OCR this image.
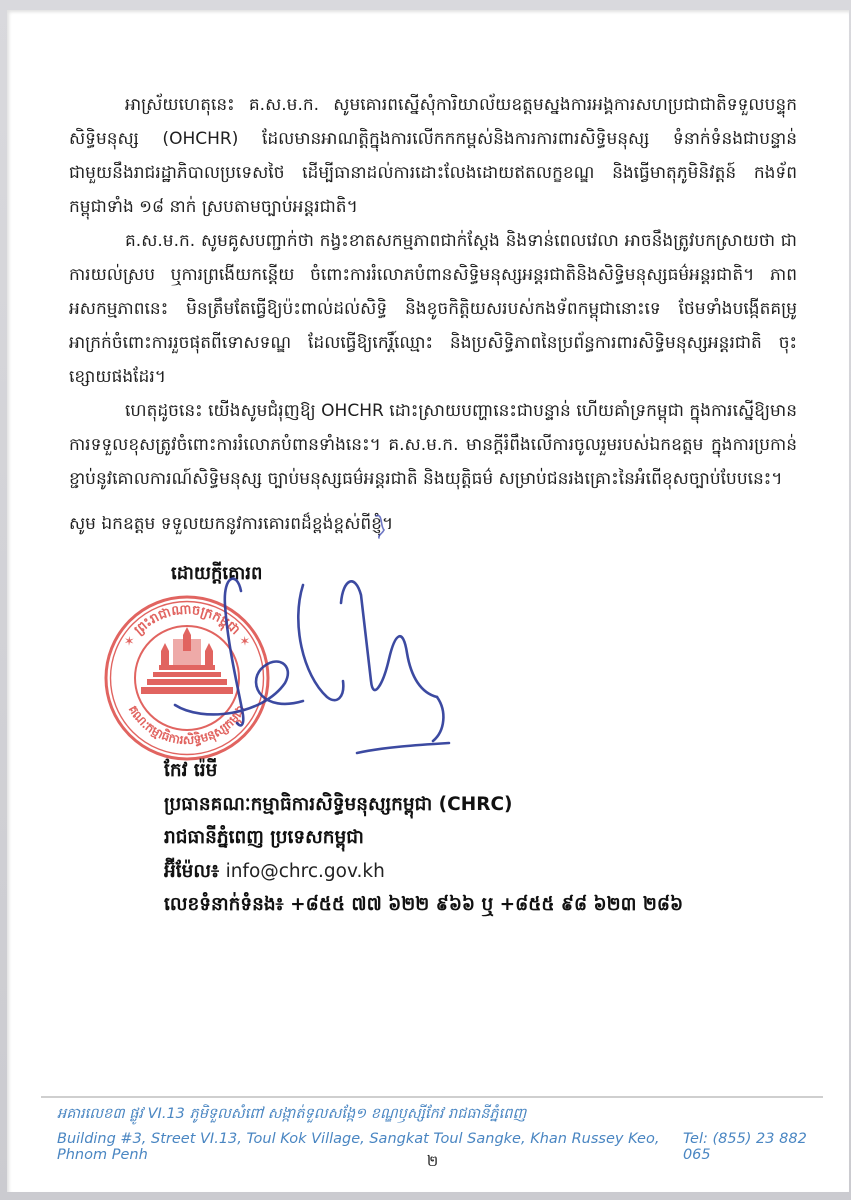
អាស្រ័យហេតុនេះ គ.ស.ម.ក. សូមគោរពស្នើសុំការិយាល័យឧត្តមស្នងការអង្គការសហប្រជាជាតិទទួលបន្ទុកសិទ្ធិមនុស្ស (OHCHR) ដែលមានអាណត្តិក្នុងការលើកកកម្ពស់និងការការពារសិទ្ធិមនុស្ស ទំនាក់ទំនងជាបន្ទាន់ជាមួយនឹងរាជរដ្ឋាភិបាលប្រទេសថៃ ដើម្បីធានាដល់ការដោះលែងដោយឥតលក្ខខណ្ឌ និងធ្វើមាតុភូមិនិវត្តន៍ កងទ័ពកម្ពុជាទាំង ១៨ នាក់ ស្របតាមច្បាប់អន្តរជាតិ។

គ.ស.ម.ក. សូមគូសបញ្ជាក់ថា កង្វះខាតសកម្មភាពជាក់ស្តែង និងទាន់ពេលវេលា អាចនឹងត្រូវបកស្រាយថា ជាការយល់ស្រប ឬការព្រងើយកន្តើយ ចំពោះការរំលោភបំពានសិទ្ធិមនុស្សអន្តរជាតិនិងសិទ្ធិមនុស្សធម៌អន្តរជាតិ។ ភាពអសកម្មភាពនេះ មិនត្រឹមតែធ្វើឱ្យប៉ះពាល់ដល់សិទ្ធិ និងខូចកិត្តិយសរបស់កងទ័ពកម្ពុជានោះទេ ថែមទាំងបង្កើតគម្រូអាក្រក់ចំពោះការរួចផុតពីទោសទណ្ឌ ដែលធ្វើឱ្យកេរ្តិ៍ឈ្មោះ និងប្រសិទ្ធិភាពនៃប្រព័ន្ធការពារសិទ្ធិមនុស្សអន្តរជាតិ ចុះខ្សោយផងដែរ។

ហេតុដូចនេះ យើងសូមជំរុញឱ្យ OHCHR ដោះស្រាយបញ្ហានេះជាបន្ទាន់ ហើយគាំទ្រកម្ពុជា ក្នុងការស្នើឱ្យមានការទទួលខុសត្រូវចំពោះការរំលោភបំពានទាំងនេះ។ គ.ស.ម.ក. មានក្តីរំពឹងលើការចូលរួមរបស់ឯកឧត្តម ក្នុងការប្រកាន់ខ្ជាប់នូវគោលការណ៍សិទ្ធិមនុស្ស ច្បាប់មនុស្សធម៌អន្តរជាតិ និងយុត្តិធម៌ សម្រាប់ជនរងគ្រោះនៃអំពើខុសច្បាប់បែបនេះ។

សូម ឯកឧត្តម ទទួលយកនូវការគោរពដ៏ខ្ពង់ខ្ពស់ពីខ្ញុំ។
ដោយក្តីគោរព
✶ ព្រះរាជាណាចក្រកម្ពុជា ✶
គណៈកម្មាធិការសិទ្ធិមនុស្សកម្ពុជា
កែវ រ៉េមី
ប្រធានគណៈកម្មាធិការសិទ្ធិមនុស្សកម្ពុជា (CHRC)
រាជធានីភ្នំពេញ ប្រទេសកម្ពុជា
អ៊ីម៉ែល៖ info@chrc.gov.kh
លេខទំនាក់ទំនង៖ +៨៥៥ ៧៧ ៦២២ ៩៦៦ ឬ +៨៥៥ ៩៨ ៦២៣ ២៨៦
អគារលេខ៣ ផ្លូវ VI.13 ភូមិទួលសំពៅ សង្កាត់ទួលសង្កែ១ ខណ្ឌឫស្សីកែវ រាជធានីភ្នំពេញ
Building #3, Street VI.13, Toul Kok Village, Sangkat Toul Sangke, Khan Russey Keo, Phnom Penh
Tel: (855) 23 882 065
២
